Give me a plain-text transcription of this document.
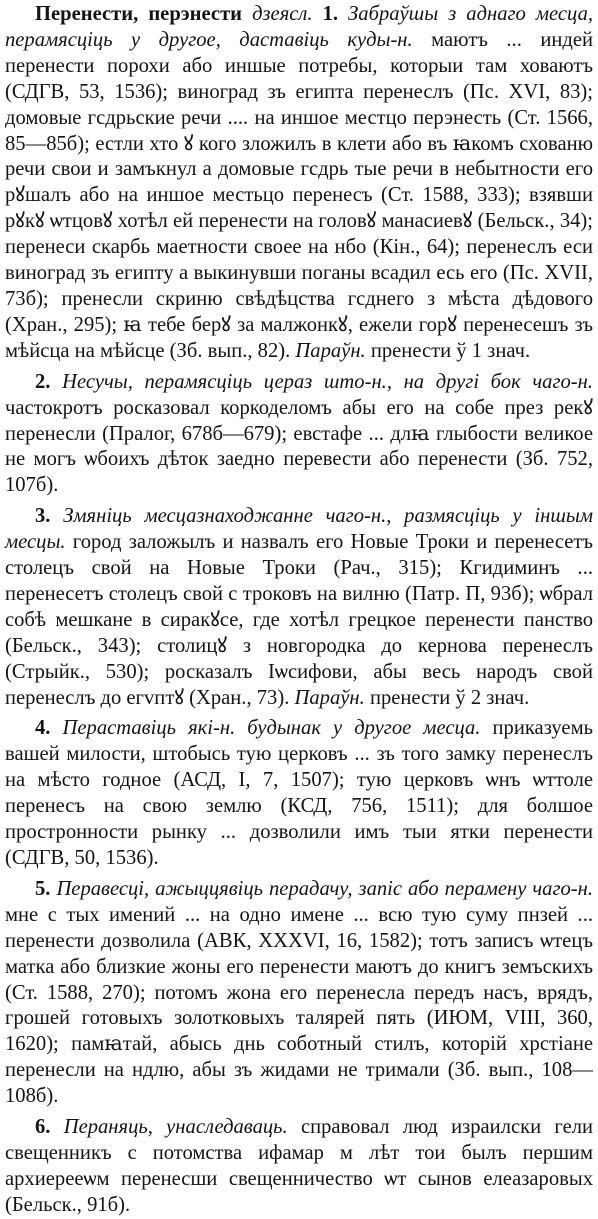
Перенести, перэнести дзеясл. 1. Забраўшы з аднаго месца, перамясціць у другое, даставіць куды-н. маютъ ... индей перенести порохи або иншые потребы, которыи там ховаютъ (СДГВ, 53, 1536); виноград зъ египта перенеслъ (Пс. XVI, 83); домовые гсдрьские речи .... на иншое местцо перэнесть (Ст. 1566, 85—85б); естли хто ꙋ кого зложилъ в клети або въ ꙗкомъ схованю речи свои и замъкнул а домовые гсдрь тые речи в небытности его рꙋшалъ або на иншое местьцо перенесъ (Ст. 1588, 333); взявши рꙋкꙋ ѡтцовꙋ хотѣл ей перенести на головꙋ манасиевꙋ (Бельск., 34); перенеси скарбь маетности своее на нбо (Кін., 64); перенеслъ еси виноград зъ египту а выкинувши поганы всадил есь его (Пс. XVII, 73б); пренесли скриню свѣдѣцства гсднего з мѣста дѣдового (Хран., 295); ꙗ тебе берꙋ за малжонкꙋ, ежели горꙋ перенесешъ зъ мѣйсца на мѣйсце (Зб. вып., 82). Параўн. пренести ў 1 знач.

2. Несучы, перамясціць цераз што-н., на другі бок чаго-н. частокротъ росказовал коркоделомъ абы его на собе през рекꙋ перенесли (Пралог, 678б—679); евстафе ... длꙗ глыбости великое не могъ ѡбоихъ дѣток заедно перевести або перенести (Зб. 752, 107б).

3. Змяніць месцазнаходжанне чаго-н., размясціць у іншым месцы. город заложылъ и назвалъ его Новые Троки и перенесетъ столецъ свой на Новые Троки (Рач., 315); Кгидиминъ ... перенесетъ столецъ свой с троковъ на вилню (Патр. П, 93б); ѡбрал собѣ мешкане в сиракꙋсе, где хотѣл грецкое перенести панство (Бельск., 343); столицꙋ з новгородка до кернова перенеслъ (Стрыйк., 530); росказалъ Іѡсифови, абы весь народъ свой перенеслъ до егvптꙋ (Хран., 73). Параўн. пренести ў 2 знач.

4. Пераставіць які-н. будынак у другое месца. приказуемь вашей милости, штобысь тую церковъ ... зъ того замку перенеслъ на мѣсто годное (АСД, I, 7, 1507); тую церковъ ѡнъ ѡттоле перенесъ на свою землю (КСД, 756, 1511); для болшое простронности рынку ... дозволили имъ тыи ятки перенести (СДГВ, 50, 1536).

5. Перавесці, ажыццявіць перадачу, запіс або перамену чаго-н. мне с тых имений ... на одно имене ... всю тую суму пнзей ... перенести дозволила (АВК, XXXVI, 16, 1582); тотъ записъ ѡтецъ матка або близкие жоны его перенести маютъ до книгъ земъскихъ (Ст. 1588, 270); потомъ жона его перенесла передъ насъ, врядъ, грошей готовыхъ золотковыхъ талярей пять (ИЮМ, VIII, 360, 1620); памꙗтай, абысь днь соботный стилъ, которій хрстіане перенесли на ндлю, абы зъ жидами не тримали (Зб. вып., 108—108б).

6. Пераняць, унаследаваць. справовал люд израилски гели свещенникъ с потомства ифамар м лѣт тои былъ першим архиерееѡм перенесши свещенничество ѡт сынов елеазаровых (Бельск., 91б).
